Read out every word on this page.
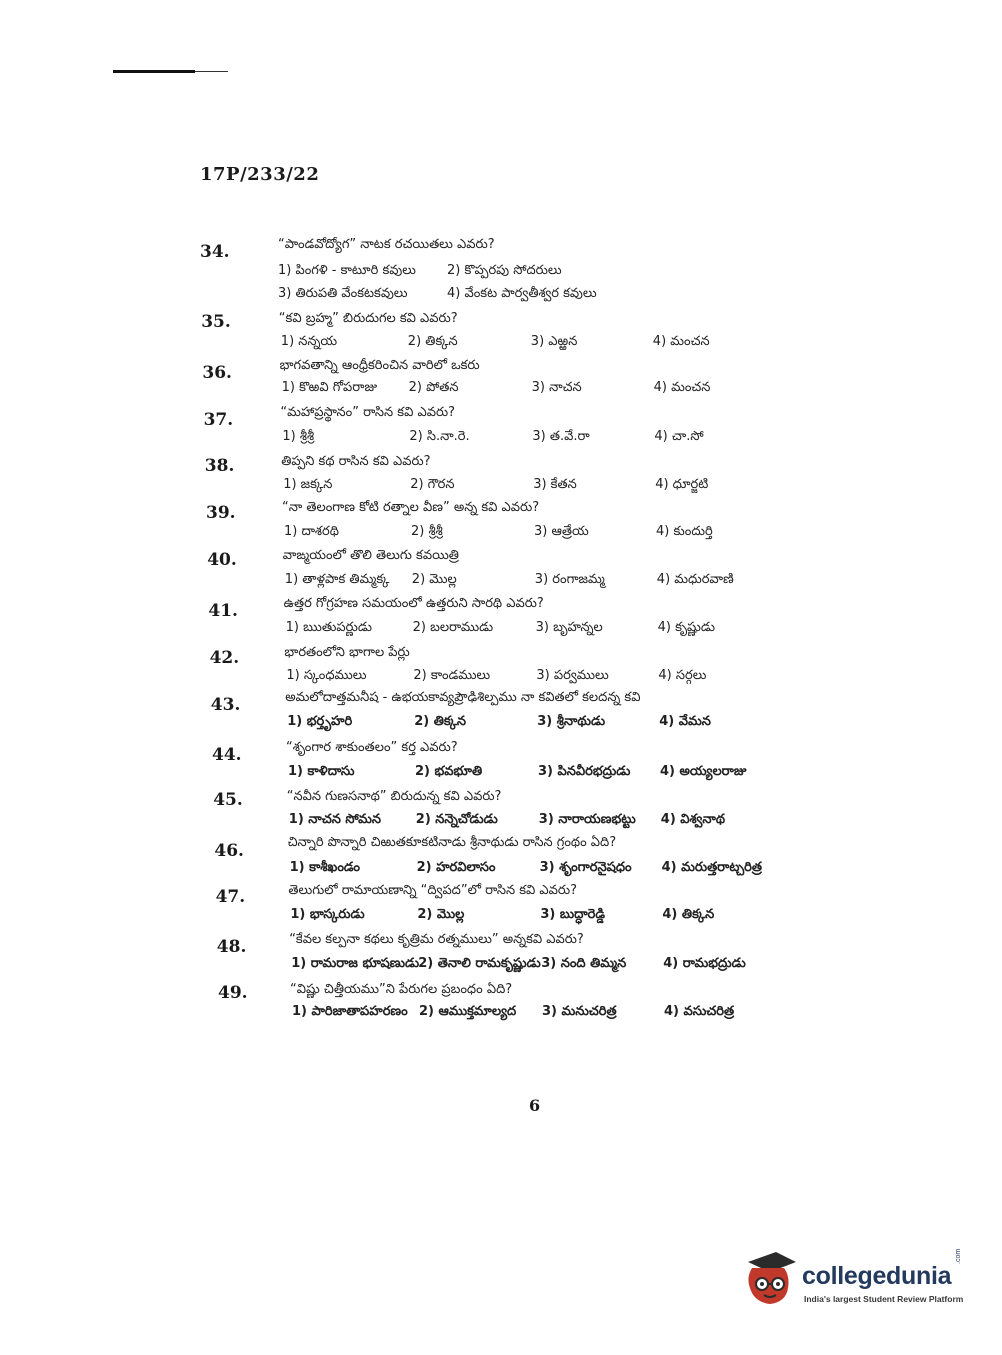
17P/233/22
34.	“పాండవోద్యోగ” నాటక రచయితలు ఎవరు?
1) పింగళి - కాటూరి కవులు 2) కొప్పరపు సోదరులు
3) తిరుపతి వేంకటకవులు	4) వేంకట పార్వతీశ్వర కవులు
35.	“కవి బ్రహ్మ” బిరుదుగల కవి ఎవరు?
1) నన్నయ	2) తిక్కన	3) ఎఱ్ఱన	4) మంచన
36.	భాగవతాన్ని ఆంధ్రీకరించిన వారిలో ఒకరు
1) కొఱవి గోపరాజు 2) పోతన	3) నాచన	4) మంచన
37.	“మహాప్రస్థానం” రాసిన కవి ఎవరు?
1) శ్రీశ్రీ	2) సి.నా.రె.	3) త.వే.రా	4) చా.సో
38.	తిప్పని కథ రాసిన కవి ఎవరు?
1) జక్కన	2) గౌరన	3) కేతన	4) ధూర్జటి
39.	“నా తెలంగాణ కోటి రత్నాల వీణ” అన్న కవి ఎవరు?
1) దాశరథి	2) శ్రీశ్రీ	3) ఆత్రేయ	4) కుందుర్తి
40.	వాఙ్మయంలో తొలి తెలుగు కవయిత్రి
1) తాళ్లపాక తిమ్మక్క 2) మొల్ల	3) రంగాజమ్మ	4) మధురవాణి
41.	ఉత్తర గోగ్రహణ సమయంలో ఉత్తరుని సారథి ఎవరు?
1) ఋతుపర్ణుడు	2) బలరాముడు	3) బృహన్నల	4) కృష్ణుడు
42.	భారతంలోని భాగాల పేర్లు
1) స్కంధములు	2) కాండములు	3) పర్వములు	4) సర్గలు
43.	అమలోదాత్తమనీష - ఉభయకావ్యప్రౌఢిశిల్పము నా కవితలో కలదన్న కవి
1) భర్తృహరి	2) తిక్కన	3) శ్రీనాథుడు	4) వేమన
44.	“శృంగార శాకుంతలం” కర్త ఎవరు?
1) కాళిదాసు	2) భవభూతి	3) పినవీరభద్రుడు 4) అయ్యలరాజు
45.	“నవీన గుణసనాథ” బిరుదున్న కవి ఎవరు?
1) నాచన సోమన	2) నన్నెచోడుడు	3) నారాయణభట్టు 4) విశ్వనాథ
46.	చిన్నారి పొన్నారి చిఱుతకూకటినాడు శ్రీనాథుడు రాసిన గ్రంథం ఏది?
1) కాశీఖండం	2) హరవిలాసం	3) శృంగారనైషధం 4) మరుత్తరాట్చరిత్ర
47.	తెలుగులో రామాయణాన్ని “ద్విపద”లో రాసిన కవి ఎవరు?
1) భాస్కరుడు	2) మొల్ల	3) బుద్ధారెడ్డి	4) తిక్కన
48.	“కేవల కల్పనా కథలు కృత్రిమ రత్నములు” అన్నకవి ఎవరు?
1) రామరాజ భూషణుడు 2) తెనాలి రామకృష్ణుడు 3) నంది తిమ్మన	4) రామభద్రుడు
49.	“విష్ణు చిత్తీయము”ని పేరుగల ప్రబంధం ఏది?
1) పారిజాతాపహరణం 2) ఆముక్తమాల్యద 3) మనుచరిత్ర	4) వసుచరిత్ర
6
collegedunia
.com
India's largest Student Review Platform
